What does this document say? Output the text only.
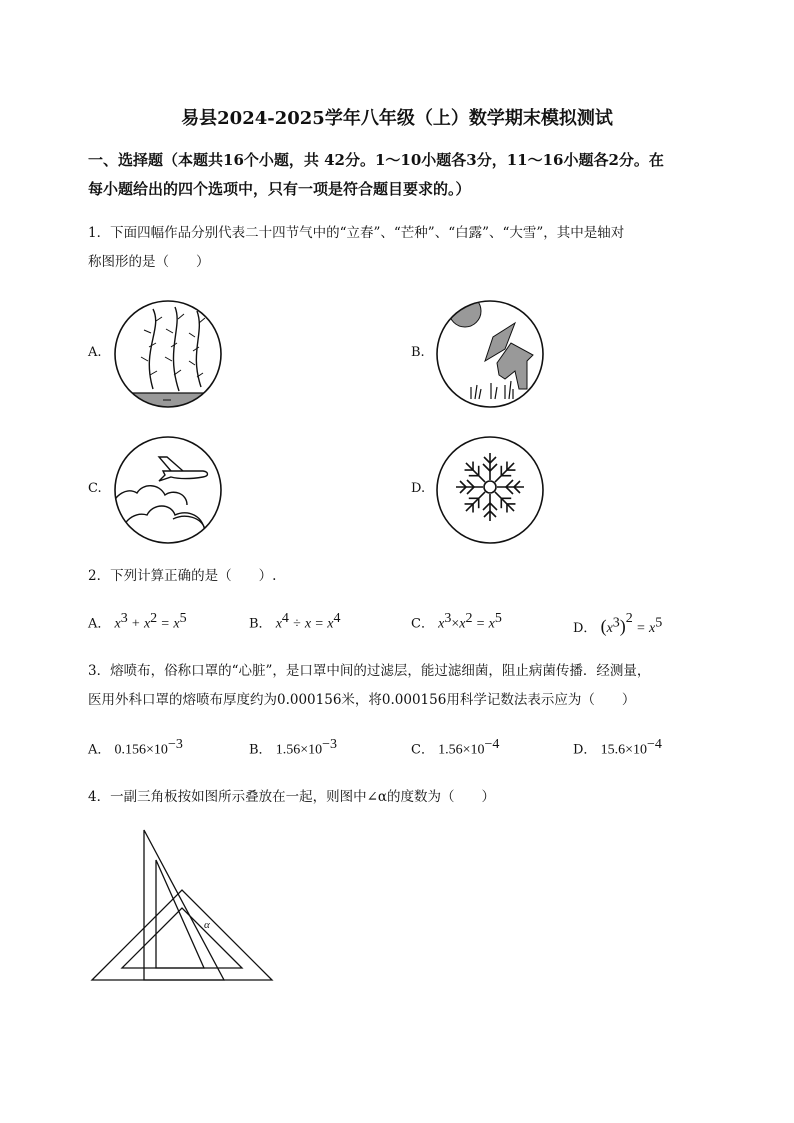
易县2024-2025学年八年级（上）数学期末模拟测试
一、选择题（本题共16个小题，共 42分。1～10小题各3分，11～16小题各2分。在
每小题给出的四个选项中，只有一项是符合题目要求的。）
1．下面四幅作品分别代表二十四节气中的“立春”、“芒种”、“白露”、“大雪”，其中是轴对
称图形的是（　　）
A.	B.
C.	D.
2．下列计算正确的是（　　）.
A． $x^3 + x^2 = x^5$	B． $x^4 \div x = x^4$	C． $x^3\times x^2 = x^5$
D． $(x^3)^2 = x^5$
3．熔喷布，俗称口罩的“心脏”，是口罩中间的过滤层，能过滤细菌，阻止病菌传播．经测量，
医用外科口罩的熔喷布厚度约为0.000156米，将0.000156用科学记数法表示应为（　　）
A． $0.156\times 10^{-3}$	B． $1.56\times 10^{-3}$	C． $1.56\times 10^{-4}$	D． $15.6\times 10^{-4}$
4．一副三角板按如图所示叠放在一起，则图中∠α的度数为（　　）
α
